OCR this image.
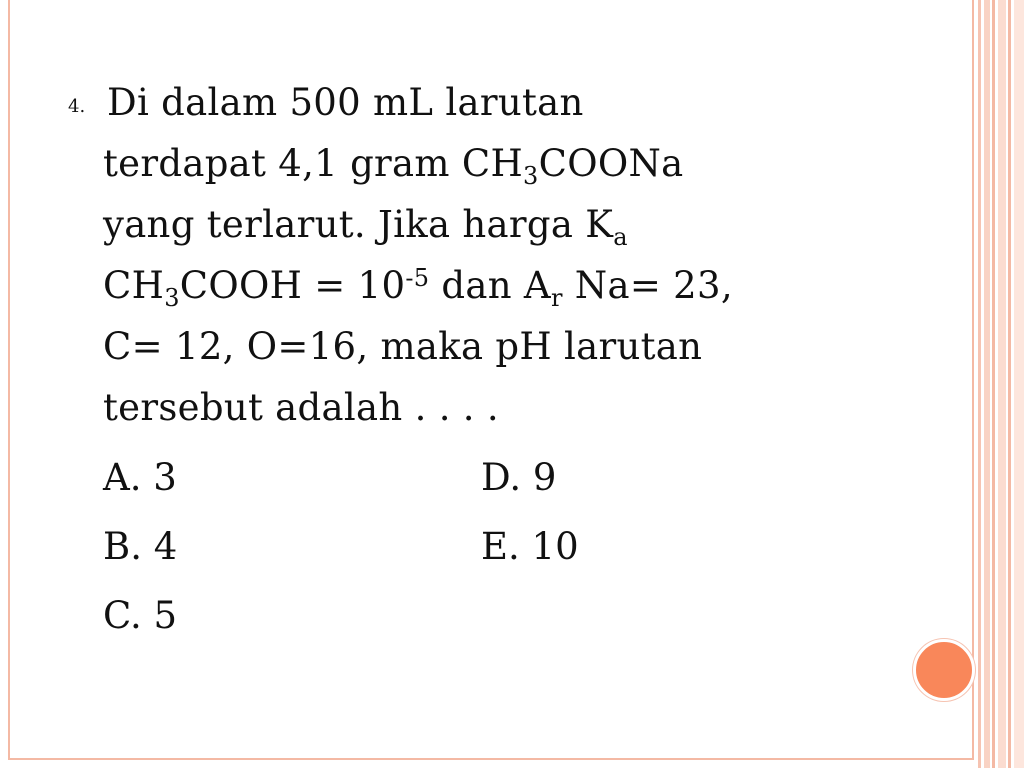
4. Di dalam 500 mL larutan
terdapat 4,1 gram $CH_3COONa$
yang terlarut. Jika harga $K_a$
$CH_3COOH = 10^{-5}$ dan $A_r$ Na= 23,
C= 12, O=16, maka pH larutan
tersebut adalah . . . .
A. 3	D. 9
B. 4	E. 10
C. 5
